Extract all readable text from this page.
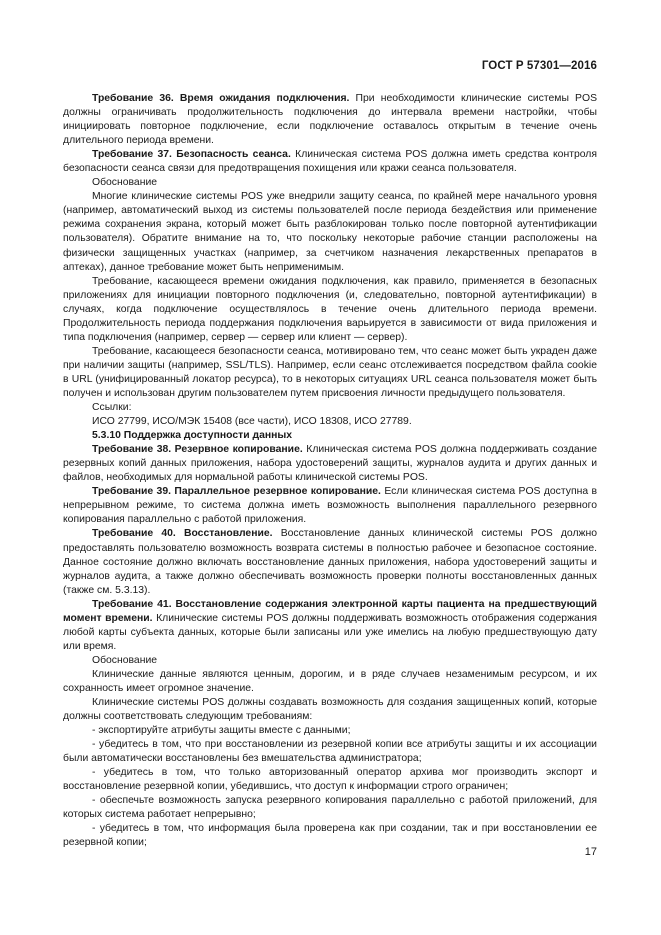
ГОСТ Р 57301—2016

Требование 36. Время ожидания подключения. При необходимости клинические системы POS должны ограничивать продолжительность подключения до интервала времени настройки, чтобы инициировать повторное подключение, если подключение оставалось открытым в течение очень длительного периода времени.

Требование 37. Безопасность сеанса. Клиническая система POS должна иметь средства контроля безопасности сеанса связи для предотвращения похищения или кражи сеанса пользователя.

Обоснование

Многие клинические системы POS уже внедрили защиту сеанса, по крайней мере начального уровня (например, автоматический выход из системы пользователей после периода бездействия или применение режима сохранения экрана, который может быть разблокирован только после повторной аутентификации пользователя). Обратите внимание на то, что поскольку некоторые рабочие станции расположены на физически защищенных участках (например, за счетчиком назначения лекарственных препаратов в аптеках), данное требование может быть неприменимым.

Требование, касающееся времени ожидания подключения, как правило, применяется в безопасных приложениях для инициации повторного подключения (и, следовательно, повторной аутентификации) в случаях, когда подключение осуществлялось в течение очень длительного периода времени. Продолжительность периода поддержания подключения варьируется в зависимости от вида приложения и типа подключения (например, сервер — сервер или клиент — сервер).

Требование, касающееся безопасности сеанса, мотивировано тем, что сеанс может быть украден даже при наличии защиты (например, SSL/TLS). Например, если сеанс отслеживается посредством файла cookie в URL (унифицированный локатор ресурса), то в некоторых ситуациях URL сеанса пользователя может быть получен и использован другим пользователем путем присвоения личности предыдущего пользователя.

Ссылки:

ИСО 27799, ИСО/МЭК 15408 (все части), ИСО 18308, ИСО 27789.

5.3.10 Поддержка доступности данных

Требование 38. Резервное копирование. Клиническая система POS должна поддерживать создание резервных копий данных приложения, набора удостоверений защиты, журналов аудита и других данных и файлов, необходимых для нормальной работы клинической системы POS.

Требование 39. Параллельное резервное копирование. Если клиническая система POS доступна в непрерывном режиме, то система должна иметь возможность выполнения параллельного резервного копирования параллельно с работой приложения.

Требование 40. Восстановление. Восстановление данных клинической системы POS должно предоставлять пользователю возможность возврата системы в полностью рабочее и безопасное состояние. Данное состояние должно включать восстановление данных приложения, набора удостоверений защиты и журналов аудита, а также должно обеспечивать возможность проверки полноты восстановленных данных (также см. 5.3.13).

Требование 41. Восстановление содержания электронной карты пациента на предшествующий момент времени. Клинические системы POS должны поддерживать возможность отображения содержания любой карты субъекта данных, которые были записаны или уже имелись на любую предшествующую дату или время.

Обоснование

Клинические данные являются ценным, дорогим, и в ряде случаев незаменимым ресурсом, и их сохранность имеет огромное значение.

Клинические системы POS должны создавать возможность для создания защищенных копий, которые должны соответствовать следующим требованиям:

- экспортируйте атрибуты защиты вместе с данными;

- убедитесь в том, что при восстановлении из резервной копии все атрибуты защиты и их ассоциации были автоматически восстановлены без вмешательства администратора;

- убедитесь в том, что только авторизованный оператор архива мог производить экспорт и восстановление резервной копии, убедившись, что доступ к информации строго ограничен;

- обеспечьте возможность запуска резервного копирования параллельно с работой приложений, для которых система работает непрерывно;

- убедитесь в том, что информация была проверена как при создании, так и при восстановлении ее резервной копии;

17
